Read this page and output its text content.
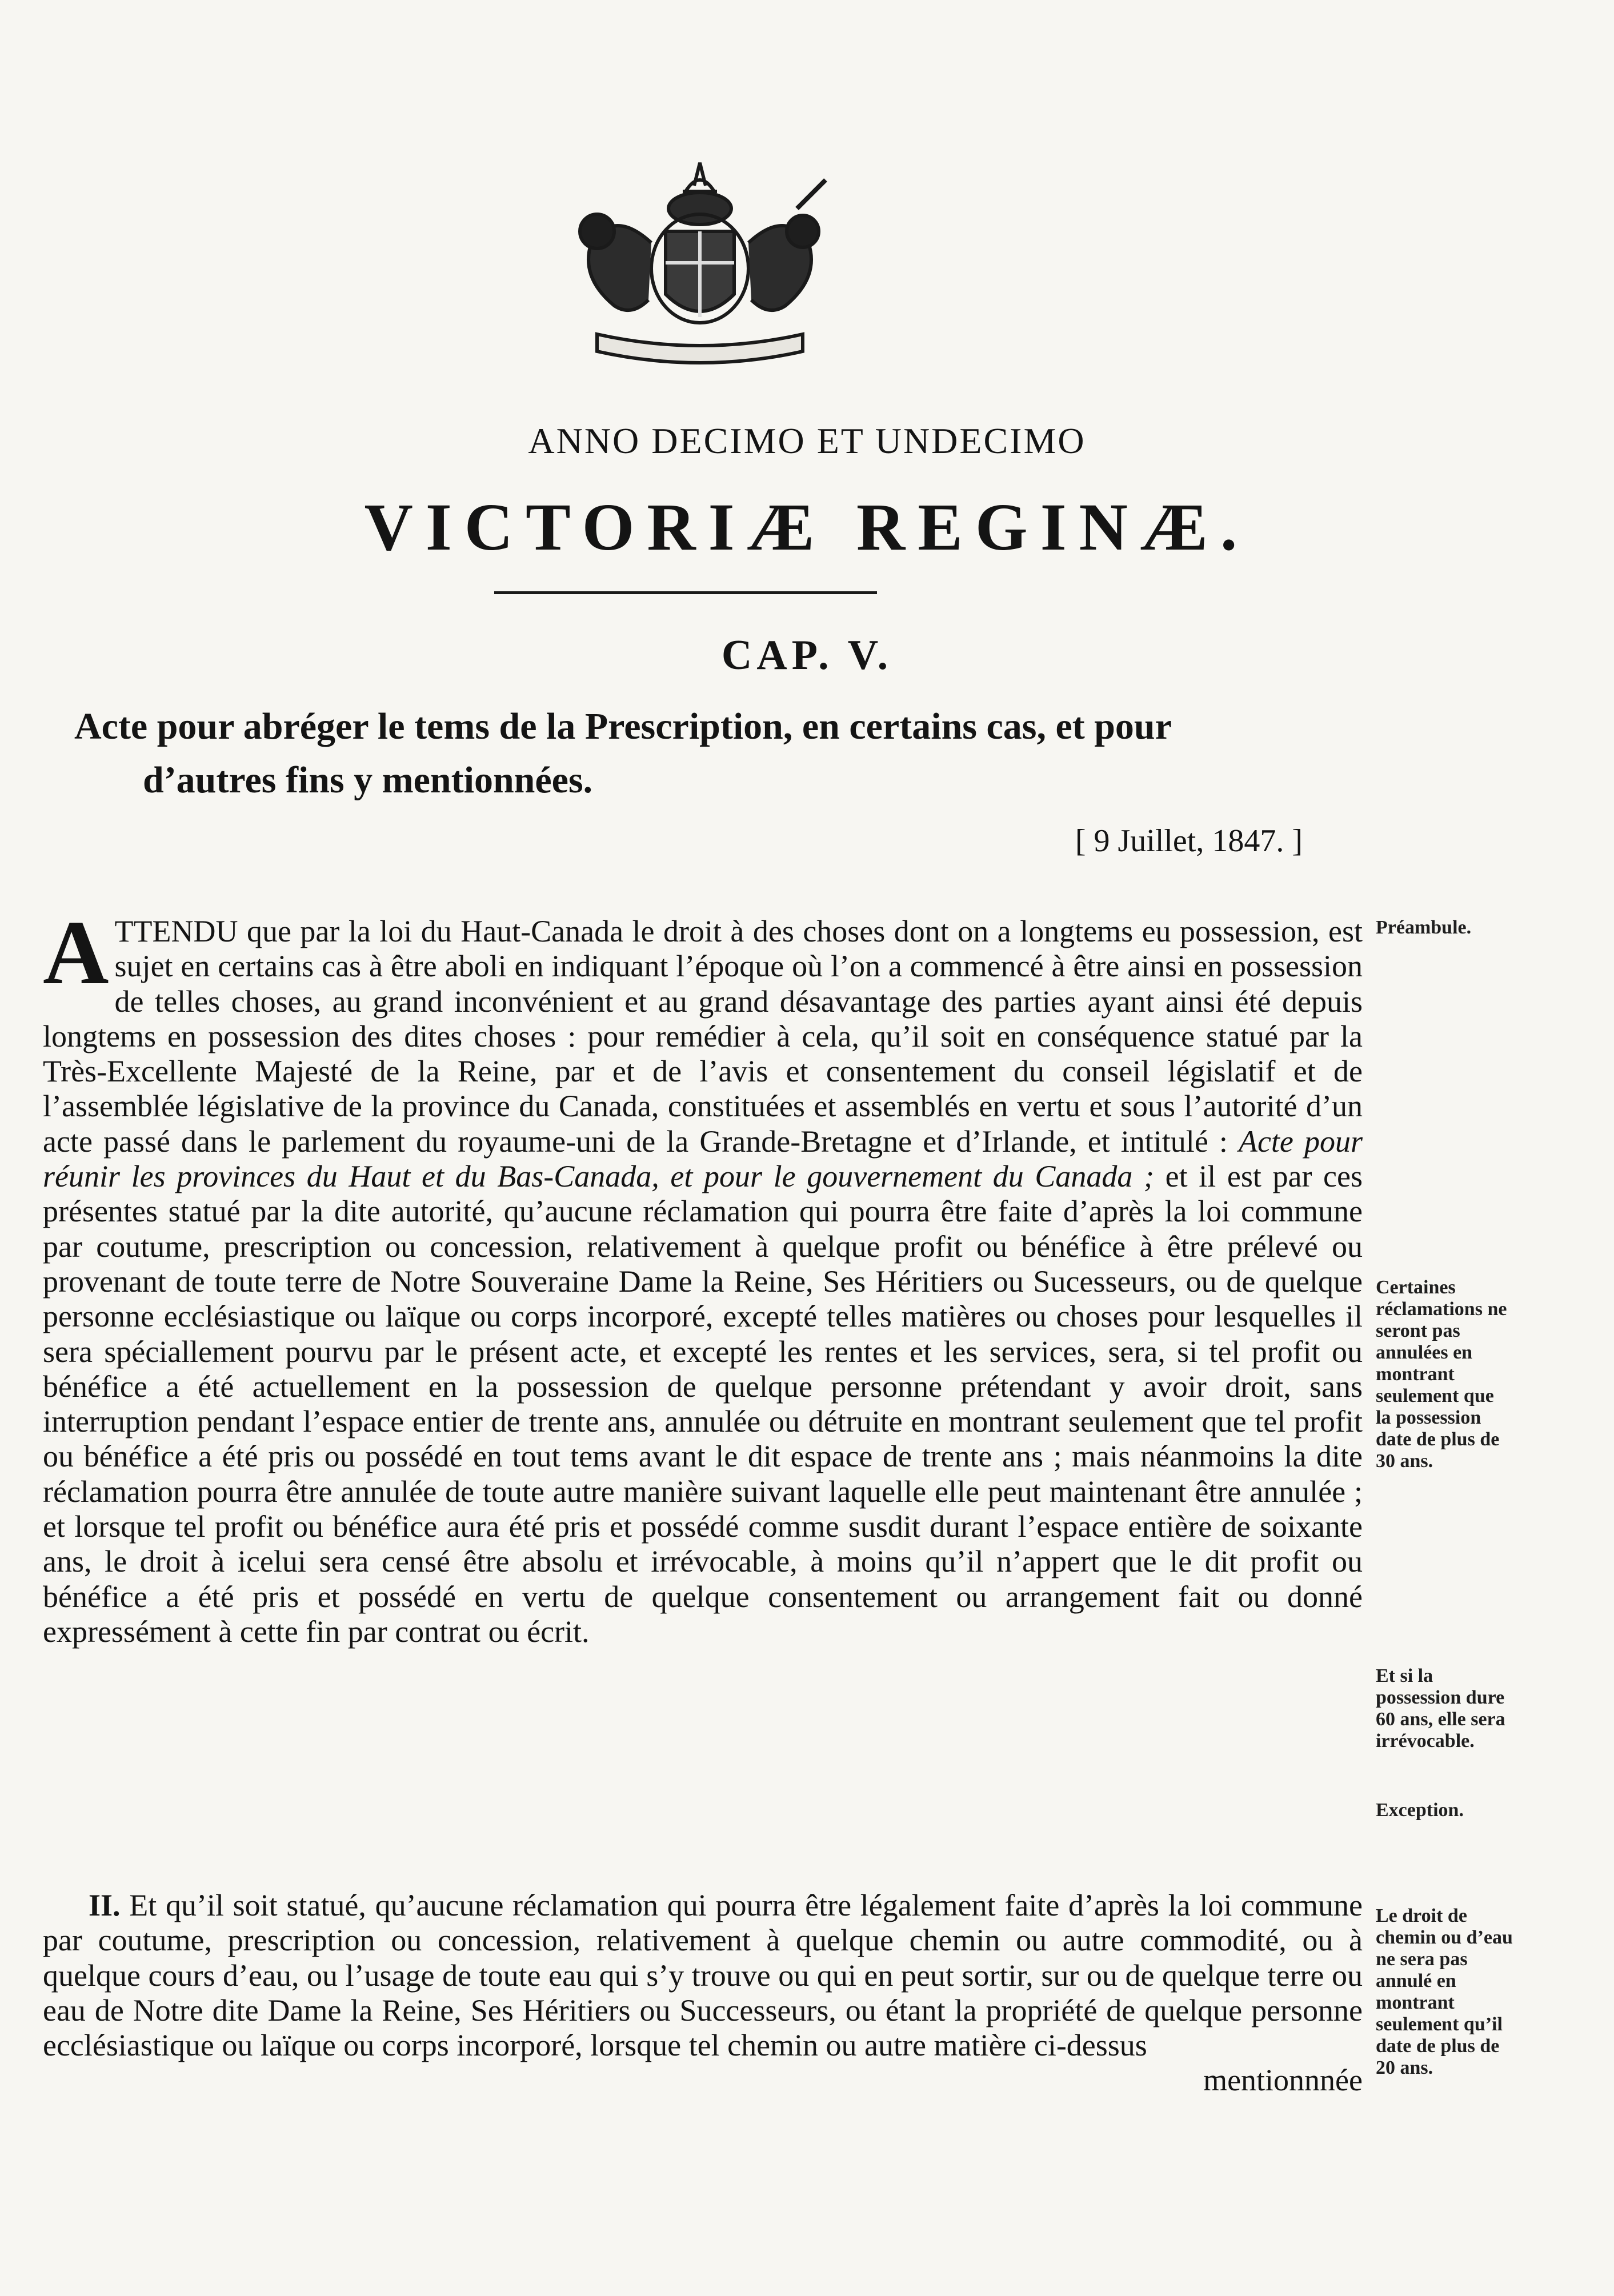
ANNO DECIMO ET UNDECIMO
VICTORIÆ REGINÆ.
CAP. V.
Acte pour abréger le tems de la Prescription, en certains cas, et pour
d’autres fins y mentionnées.
[ 9 Juillet, 1847. ]
ATTENDU que par la loi du Haut-Canada le droit à des choses dont on a longtems eu possession, est sujet en certains cas à être aboli en indiquant l’époque où l’on a commencé à être ainsi en possession de telles choses, au grand inconvénient et au grand désavantage des parties ayant ainsi été depuis longtems en possession des dites choses : pour remédier à cela, qu’il soit en conséquence statué par la Très-Excellente Majesté de la Reine, par et de l’avis et consentement du conseil législatif et de l’assemblée législative de la province du Canada, constituées et assemblés en vertu et sous l’autorité d’un acte passé dans le parlement du royaume-uni de la Grande-Bretagne et d’Irlande, et intitulé : Acte pour réunir les provinces du Haut et du Bas-Canada, et pour le gouvernement du Canada ; et il est par ces présentes statué par la dite autorité, qu’aucune réclamation qui pourra être faite d’après la loi commune par coutume, prescription ou concession, relativement à quelque profit ou bénéfice à être prélevé ou provenant de toute terre de Notre Souveraine Dame la Reine, Ses Héritiers ou Sucesseurs, ou de quelque personne ecclésiastique ou laïque ou corps incorporé, excepté telles matières ou choses pour lesquelles il sera spéciallement pourvu par le présent acte, et excepté les rentes et les services, sera, si tel profit ou bénéfice a été actuellement en la possession de quelque personne prétendant y avoir droit, sans interruption pendant l’espace entier de trente ans, annulée ou détruite en montrant seulement que tel profit ou bénéfice a été pris ou possédé en tout tems avant le dit espace de trente ans ; mais néanmoins la dite réclamation pourra être annulée de toute autre manière suivant laquelle elle peut maintenant être annulée ; et lorsque tel profit ou bénéfice aura été pris et possédé comme susdit durant l’espace entière de soixante ans, le droit à icelui sera censé être absolu et irrévocable, à moins qu’il n’appert que le dit profit ou bénéfice a été pris et possédé en vertu de quelque consentement ou arrangement fait ou donné expressément à cette fin par contrat ou écrit.
II. Et qu’il soit statué, qu’aucune réclamation qui pourra être légalement faite d’après la loi commune par coutume, prescription ou concession, relativement à quelque chemin ou autre commodité, ou à quelque cours d’eau, ou l’usage de toute eau qui s’y trouve ou qui en peut sortir, sur ou de quelque terre ou eau de Notre dite Dame la Reine, Ses Héritiers ou Successeurs, ou étant la propriété de quelque personne ecclésiastique ou laïque ou corps incorporé, lorsque tel chemin ou autre matière ci-dessus
mentionnnée
Préambule.
Certaines réclamations ne seront pas annulées en montrant seulement que la possession date de plus de 30 ans.
Et si la possession dure 60 ans, elle sera irrévocable.
Exception.
Le droit de chemin ou d’eau ne sera pas annulé en montrant seulement qu’il date de plus de 20 ans.
